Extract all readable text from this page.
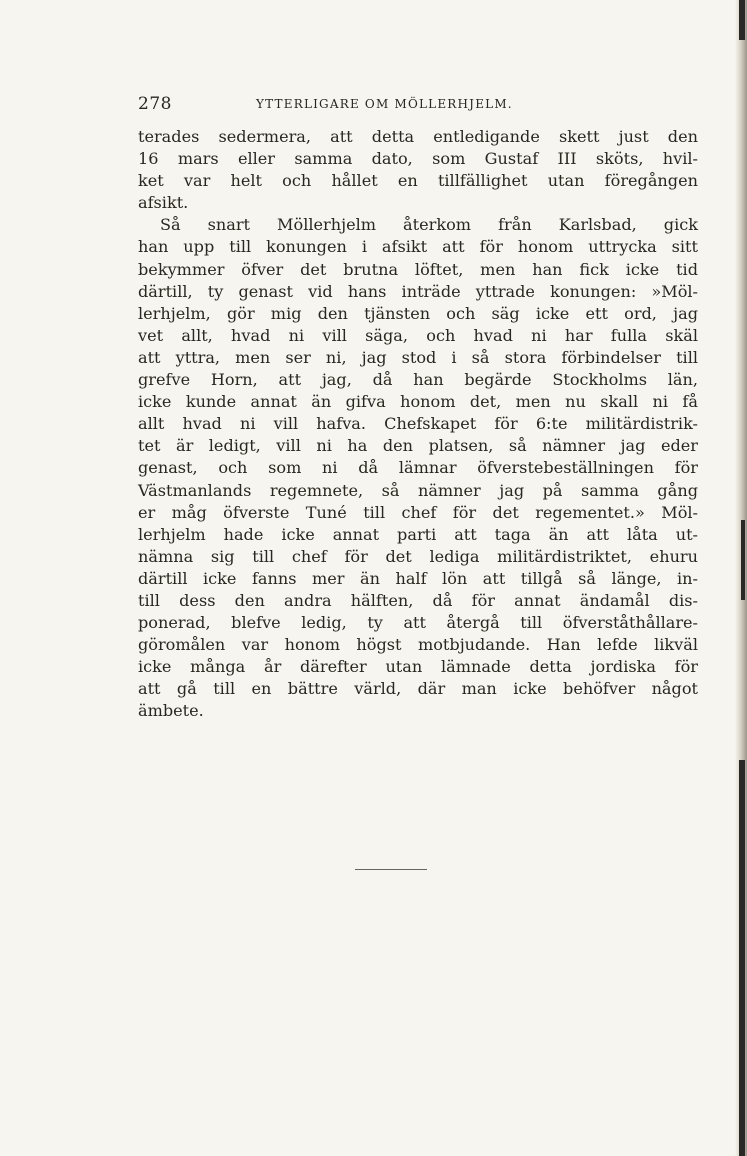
278	YTTERLIGARE OM MÖLLERHJELM.
terades sedermera, att detta entledigande skett just den
16 mars eller samma dato, som Gustaf III sköts, hvil-
ket var helt och hållet en tillfällighet utan föregången
afsikt.
Så snart Möllerhjelm återkom från Karlsbad, gick
han upp till konungen i afsikt att för honom uttrycka sitt
bekymmer öfver det brutna löftet, men han fick icke tid
därtill, ty genast vid hans inträde yttrade konungen: »Möl-
lerhjelm, gör mig den tjänsten och säg icke ett ord, jag
vet allt, hvad ni vill säga, och hvad ni har fulla skäl
att yttra, men ser ni, jag stod i så stora förbindelser till
grefve Horn, att jag, då han begärde Stockholms län,
icke kunde annat än gifva honom det, men nu skall ni få
allt hvad ni vill hafva. Chefskapet för 6:te militärdistrik-
tet är ledigt, vill ni ha den platsen, så nämner jag eder
genast, och som ni då lämnar öfverstebeställningen för
Västmanlands regemnete, så nämner jag på samma gång
er måg öfverste Tuné till chef för det regementet.» Möl-
lerhjelm hade icke annat parti att taga än att låta ut-
nämna sig till chef för det lediga militärdistriktet, ehuru
därtill icke fanns mer än half lön att tillgå så länge, in-
till dess den andra hälften, då för annat ändamål dis-
ponerad, blefve ledig, ty att återgå till öfverståthållare-
göromålen var honom högst motbjudande. Han lefde likväl
icke många år därefter utan lämnade detta jordiska för
att gå till en bättre värld, där man icke behöfver något
ämbete.
